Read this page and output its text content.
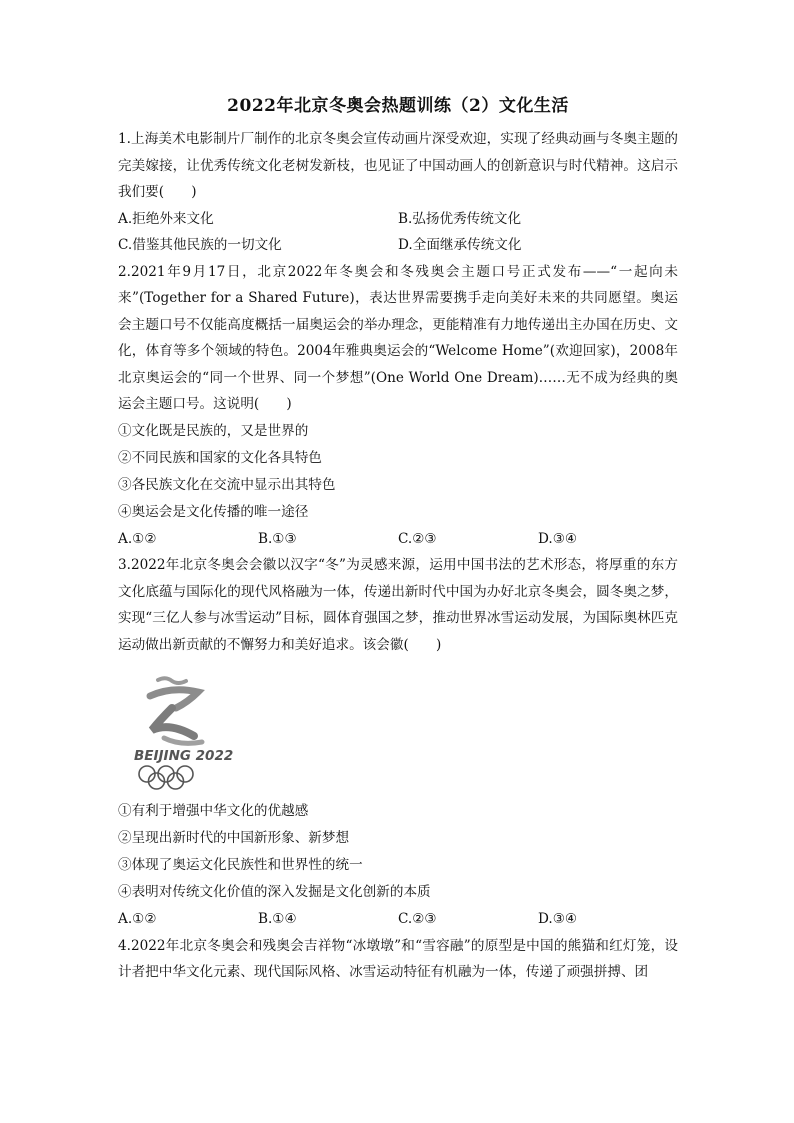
2022年北京冬奥会热题训练（2）文化生活

1.上海美术电影制片厂制作的北京冬奥会宣传动画片深受欢迎，实现了经典动画与冬奥主题的完美嫁接，让优秀传统文化老树发新枝，也见证了中国动画人的创新意识与时代精神。这启示我们要(　　)

A.拒绝外来文化	B.弘扬优秀传统文化
C.借鉴其他民族的一切文化	D.全面继承传统文化

2.2021年9月17日，北京2022年冬奥会和冬残奥会主题口号正式发布——“一起向未来”(Together for a Shared Future)，表达世界需要携手走向美好未来的共同愿望。奥运会主题口号不仅能高度概括一届奥运会的举办理念，更能精准有力地传递出主办国在历史、文化，体育等多个领域的特色。2004年雅典奥运会的“Welcome Home”(欢迎回家)，2008年北京奥运会的“同一个世界、同一个梦想”(One World One Dream)……无不成为经典的奥运会主题口号。这说明(　　)

①文化既是民族的，又是世界的

②不同民族和国家的文化各具特色

③各民族文化在交流中显示出其特色

④奥运会是文化传播的唯一途径

A.①②	B.①③	C.②③	D.③④

3.2022年北京冬奥会会徽以汉字“冬”为灵感来源，运用中国书法的艺术形态，将厚重的东方文化底蕴与国际化的现代风格融为一体，传递出新时代中国为办好北京冬奥会，圆冬奥之梦，实现“三亿人参与冰雪运动”目标，圆体育强国之梦，推动世界冰雪运动发展，为国际奥林匹克运动做出新贡献的不懈努力和美好追求。该会徽(　　)

BEIJING 2022

①有利于增强中华文化的优越感

②呈现出新时代的中国新形象、新梦想

③体现了奥运文化民族性和世界性的统一

④表明对传统文化价值的深入发掘是文化创新的本质

A.①②	B.①④	C.②③	D.③④

4.2022年北京冬奥会和残奥会吉祥物“冰墩墩”和“雪容融”的原型是中国的熊猫和红灯笼，设计者把中华文化元素、现代国际风格、冰雪运动特征有机融为一体，传递了顽强拼搏、团
